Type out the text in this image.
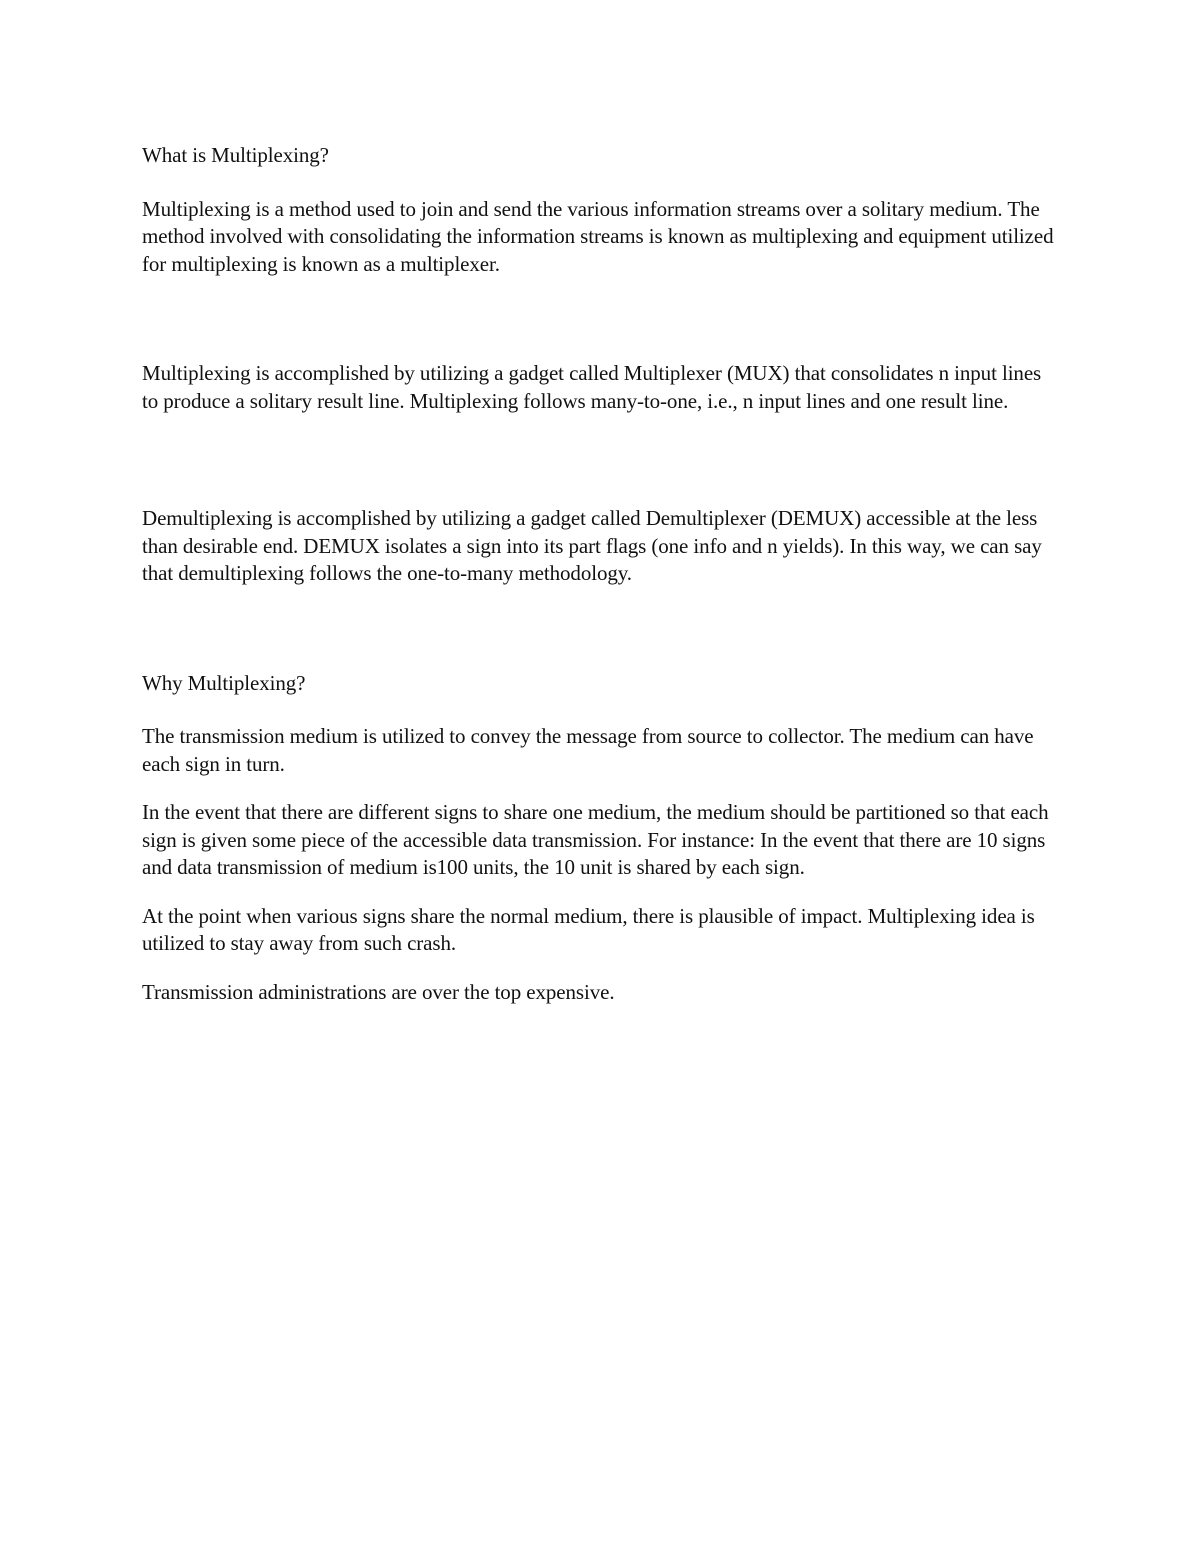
What is Multiplexing?

Multiplexing is a method used to join and send the various information streams over a solitary medium. The method involved with consolidating the information streams is known as multiplexing and equipment utilized for multiplexing is known as a multiplexer.

Multiplexing is accomplished by utilizing a gadget called Multiplexer (MUX) that consolidates n input lines to produce a solitary result line. Multiplexing follows many-to-one, i.e., n input lines and one result line.

Demultiplexing is accomplished by utilizing a gadget called Demultiplexer (DEMUX) accessible at the less than desirable end. DEMUX isolates a sign into its part flags (one info and n yields). In this way, we can say that demultiplexing follows the one-to-many methodology.

Why Multiplexing?

The transmission medium is utilized to convey the message from source to collector. The medium can have each sign in turn.

In the event that there are different signs to share one medium, the medium should be partitioned so that each sign is given some piece of the accessible data transmission. For instance: In the event that there are 10 signs and data transmission of medium is100 units, the 10 unit is shared by each sign.

At the point when various signs share the normal medium, there is plausible of impact. Multiplexing idea is utilized to stay away from such crash.

Transmission administrations are over the top expensive.
